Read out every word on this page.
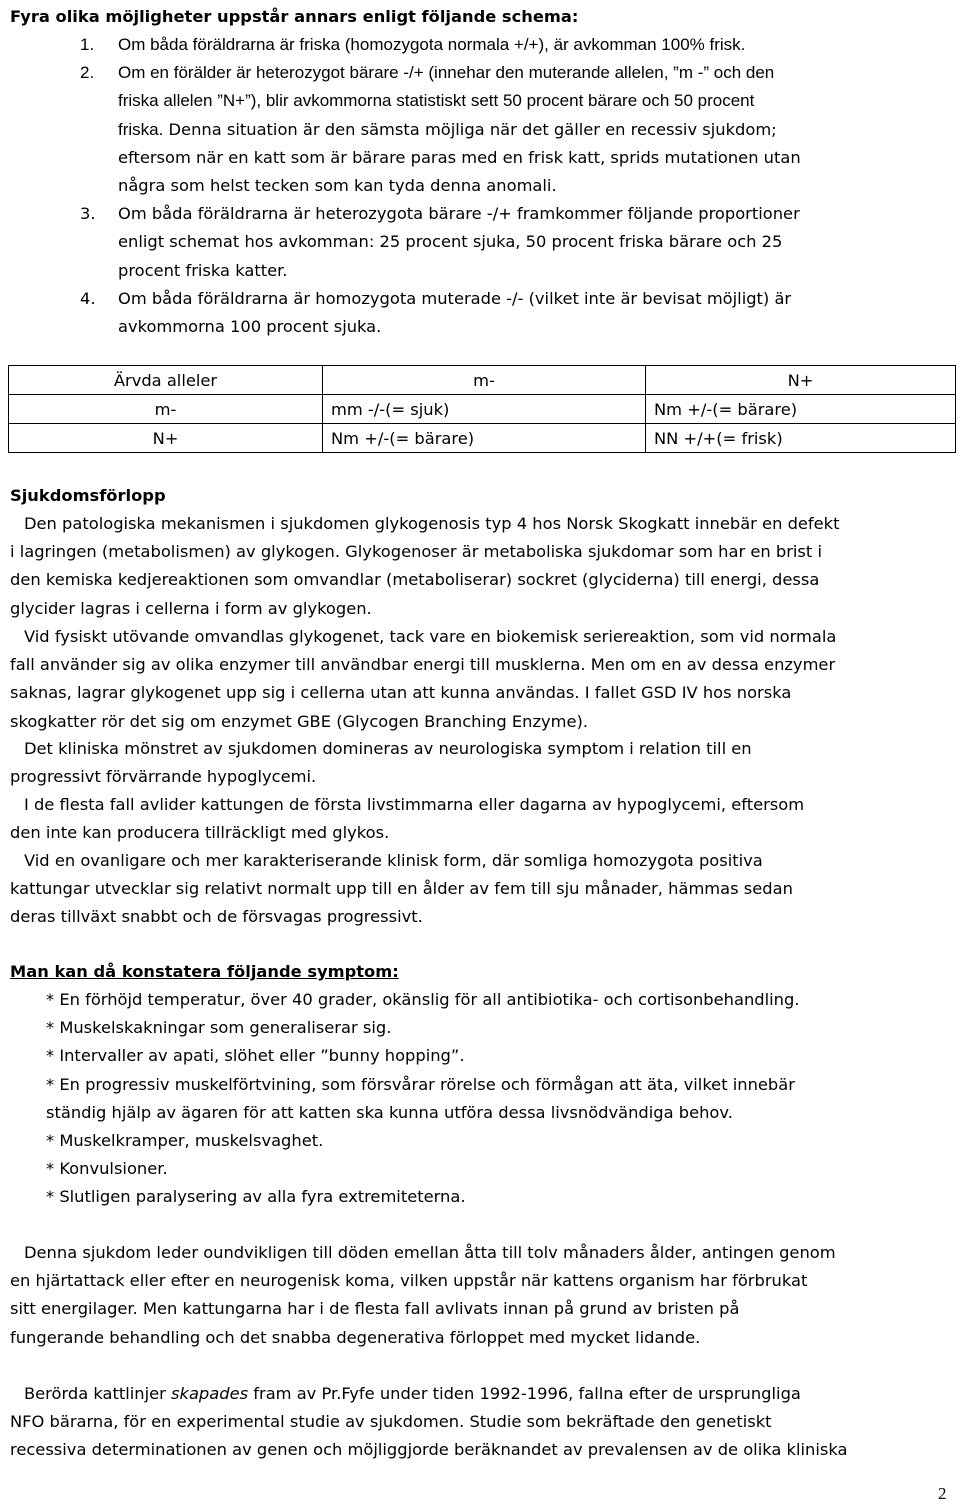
Fyra olika möjligheter uppstår annars enligt följande schema:
1. Om båda föräldrarna är friska (homozygota normala +/+), är avkomman 100% frisk.
2. Om en förälder är heterozygot bärare -/+ (innehar den muterande allelen, ”m -” och den
friska allelen ”N+”), blir avkommorna statistiskt sett 50 procent bärare och 50 procent
friska. Denna situation är den sämsta möjliga när det gäller en recessiv sjukdom;
eftersom när en katt som är bärare paras med en frisk katt, sprids mutationen utan
några som helst tecken som kan tyda denna anomali.
3. Om båda föräldrarna är heterozygota bärare -/+ framkommer följande proportioner
enligt schemat hos avkomman: 25 procent sjuka, 50 procent friska bärare och 25
procent friska katter.
4. Om båda föräldrarna är homozygota muterade -/- (vilket inte är bevisat möjligt) är
avkommorna 100 procent sjuka.
Ärvda alleler	m-	N+
m-	mm -/-(= sjuk)	Nm +/-(= bärare)
N+	Nm +/-(= bärare)	NN +/+(= frisk)
Sjukdomsförlopp
Den patologiska mekanismen i sjukdomen glykogenosis typ 4 hos Norsk Skogkatt innebär en defekt
i lagringen (metabolismen) av glykogen. Glykogenoser är metaboliska sjukdomar som har en brist i
den kemiska kedjereaktionen som omvandlar (metaboliserar) sockret (glyciderna) till energi, dessa
glycider lagras i cellerna i form av glykogen.
Vid fysiskt utövande omvandlas glykogenet, tack vare en biokemisk seriereaktion, som vid normala
fall använder sig av olika enzymer till användbar energi till musklerna. Men om en av dessa enzymer
saknas, lagrar glykogenet upp sig i cellerna utan att kunna användas. I fallet GSD IV hos norska
skogkatter rör det sig om enzymet GBE (Glycogen Branching Enzyme).
Det kliniska mönstret av sjukdomen domineras av neurologiska symptom i relation till en
progressivt förvärrande hypoglycemi.
I de flesta fall avlider kattungen de första livstimmarna eller dagarna av hypoglycemi, eftersom
den inte kan producera tillräckligt med glykos.
Vid en ovanligare och mer karakteriserande klinisk form, där somliga homozygota positiva
kattungar utvecklar sig relativt normalt upp till en ålder av fem till sju månader, hämmas sedan
deras tillväxt snabbt och de försvagas progressivt.
Man kan då konstatera följande symptom:
* En förhöjd temperatur, över 40 grader, okänslig för all antibiotika- och cortisonbehandling.
* Muskelskakningar som generaliserar sig.
* Intervaller av apati, slöhet eller ”bunny hopping”.
* En progressiv muskelförtvining, som försvårar rörelse och förmågan att äta, vilket innebär
ständig hjälp av ägaren för att katten ska kunna utföra dessa livsnödvändiga behov.
* Muskelkramper, muskelsvaghet.
* Konvulsioner.
* Slutligen paralysering av alla fyra extremiteterna.
Denna sjukdom leder oundvikligen till döden emellan åtta till tolv månaders ålder, antingen genom
en hjärtattack eller efter en neurogenisk koma, vilken uppstår när kattens organism har förbrukat
sitt energilager. Men kattungarna har i de flesta fall avlivats innan på grund av bristen på
fungerande behandling och det snabba degenerativa förloppet med mycket lidande.
Berörda kattlinjer skapades fram av Pr.Fyfe under tiden 1992-1996, fallna efter de ursprungliga
NFO bärarna, för en experimental studie av sjukdomen. Studie som bekräftade den genetiskt
recessiva determinationen av genen och möjliggjorde beräknandet av prevalensen av de olika kliniska
2
